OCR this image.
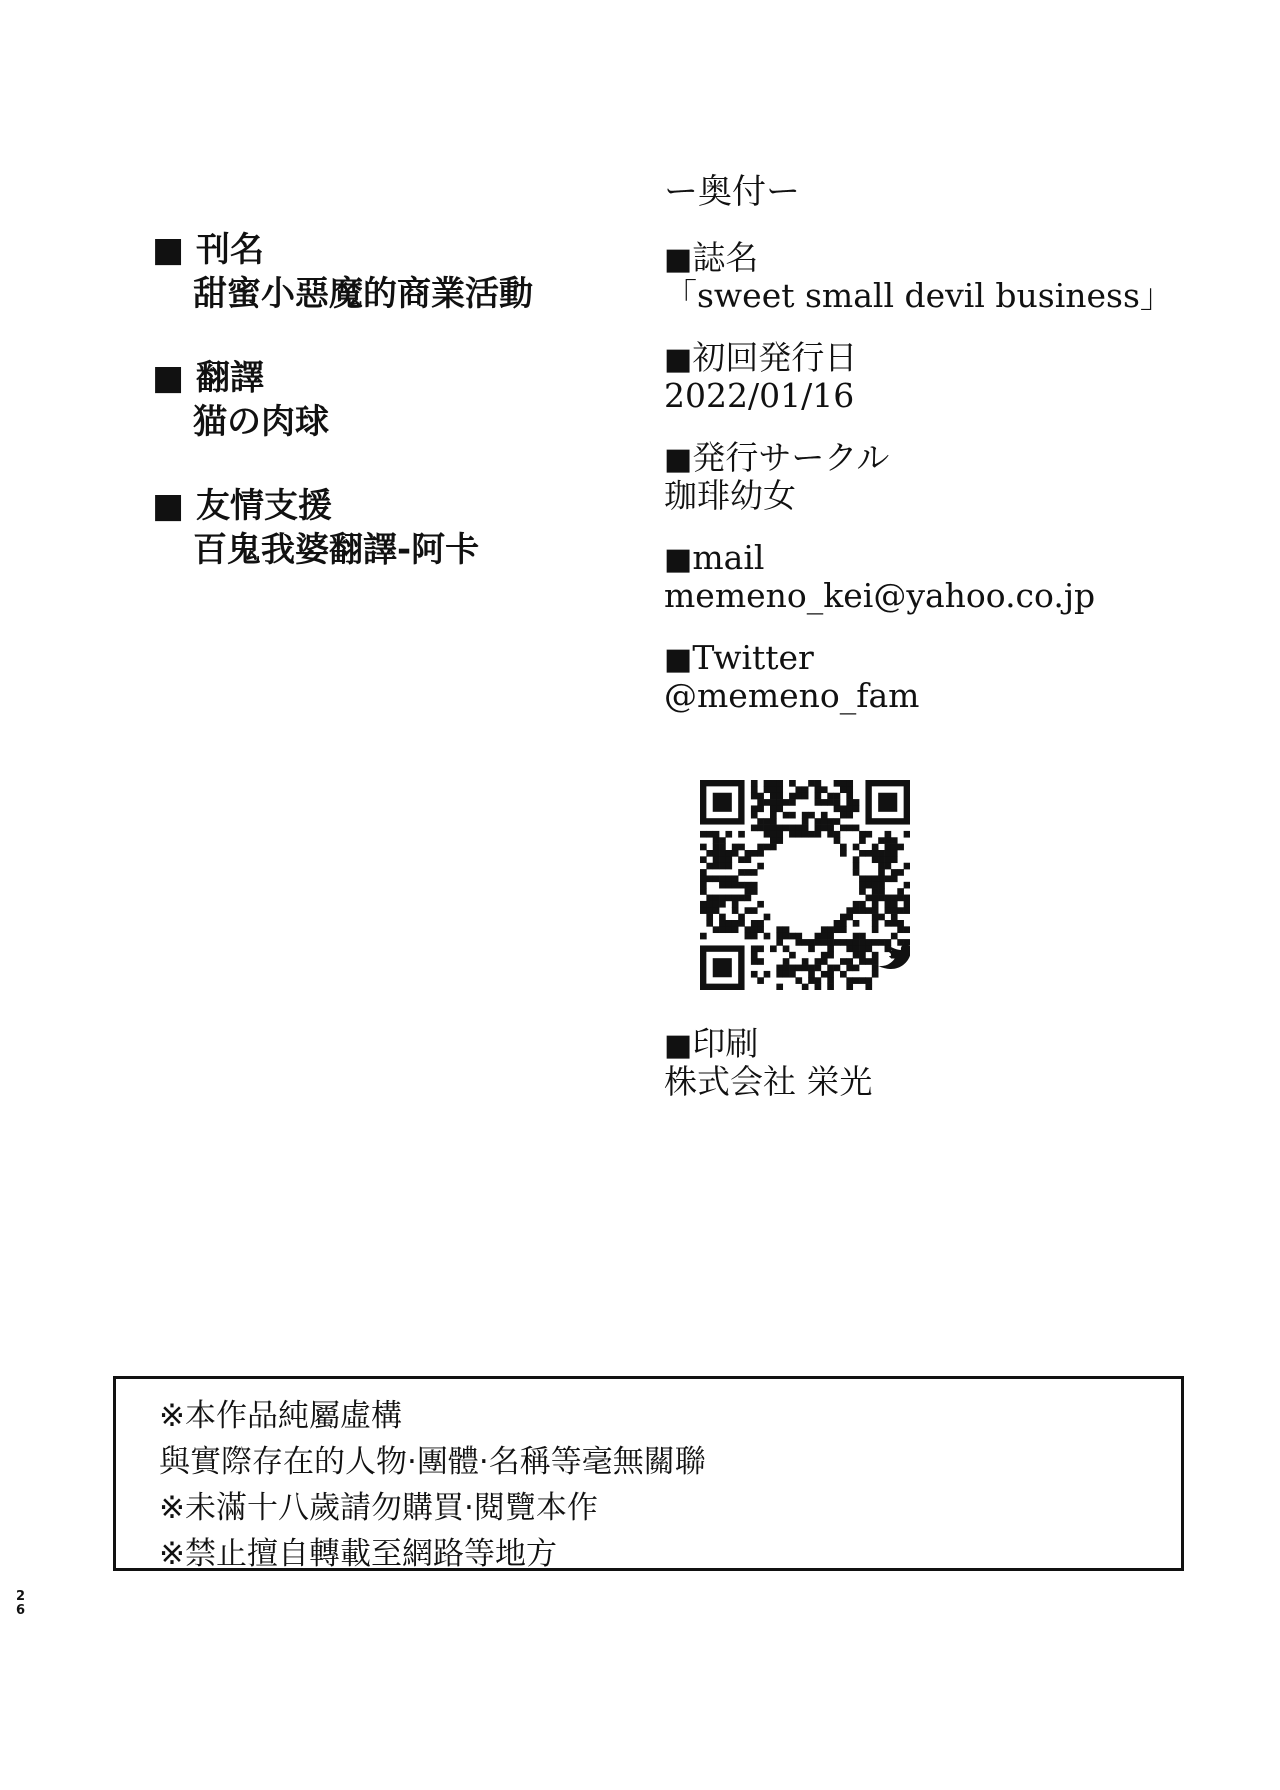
■ 刊名
甜蜜小惡魔的商業活動
■ 翻譯
猫の肉球
■ 友情支援
百鬼我婆翻譯-阿卡
ー奥付ー
■誌名
「sweet small devil business」
■初回発行日
2022/01/16
■発行サークル
珈琲幼女
■mail
memeno_kei@yahoo.co.jp
■Twitter
@memeno_fam
■印刷
株式会社 栄光
※本作品純屬虛構
與實際存在的人物·團體·名稱等毫無關聯
※未滿十八歲請勿購買·閱覽本作
※禁止擅自轉載至網路等地方
26
